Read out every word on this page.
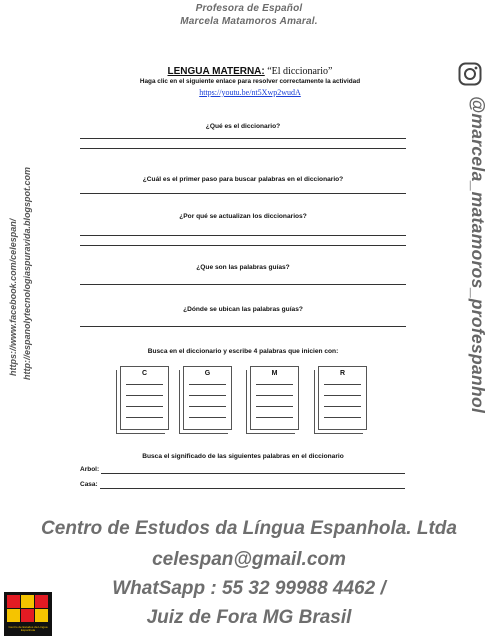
Profesora de Español
Marcela Matamoros Amaral.
@marcela_matamoros_profespanhol
https://www.facebook.com/celespan/ http://espanolytecnologiaspuravida.blogspot.com
LENGUA MATERNA: “El diccionario”
Haga clic en el siguiente enlace para resolver correctamente la actividad
https://youtu.be/nt5Xwp2wudA
¿Qué es el diccionario?
¿Cuál es el primer paso para buscar palabras en el diccionario?
¿Por qué se actualizan los diccionarios?
¿Que son las palabras guías?
¿Dónde se ubican las palabras guías?
Busca en el diccionario y escribe 4 palabras que inicien con:
C	G	M	R
Busca el significado de las siguientes palabras en el diccionario
Arbol:
Casa:
Centro de Estudos da Língua Espanhola. Ltda
celespan@gmail.com
WhatSapp : 55 32 99988 4462 /
Juiz de Fora MG Brasil
Centro de Estudos da Língua Espanhola
